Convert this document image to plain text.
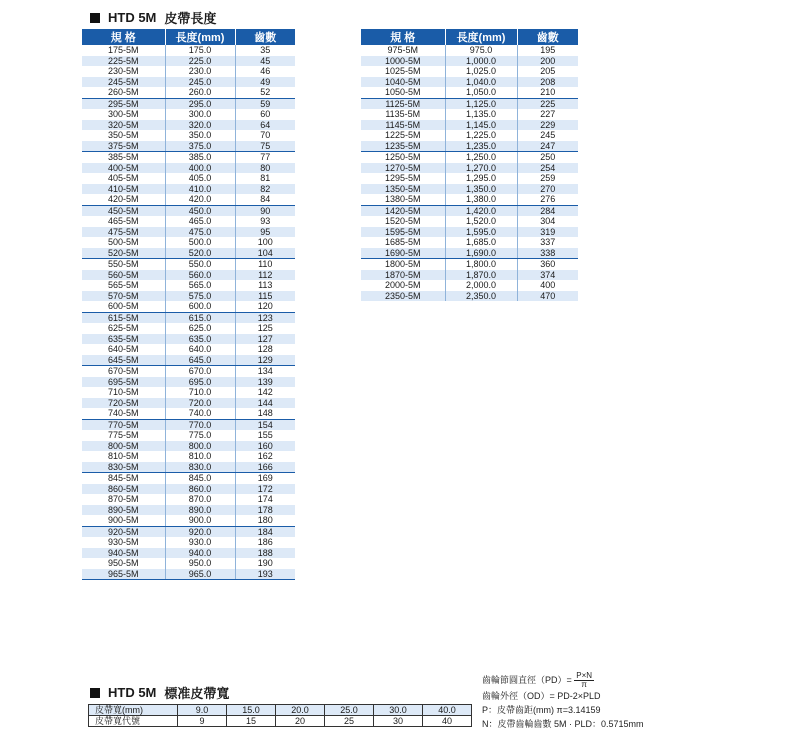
HTD 5M 皮帶長度
規 格	長度(mm)	齒數
175-5M	175.0	35
225-5M	225.0	45
230-5M	230.0	46
245-5M	245.0	49
260-5M	260.0	52
295-5M	295.0	59
300-5M	300.0	60
320-5M	320.0	64
350-5M	350.0	70
375-5M	375.0	75
385-5M	385.0	77
400-5M	400.0	80
405-5M	405.0	81
410-5M	410.0	82
420-5M	420.0	84
450-5M	450.0	90
465-5M	465.0	93
475-5M	475.0	95
500-5M	500.0	100
520-5M	520.0	104
550-5M	550.0	110
560-5M	560.0	112
565-5M	565.0	113
570-5M	575.0	115
600-5M	600.0	120
615-5M	615.0	123
625-5M	625.0	125
635-5M	635.0	127
640-5M	640.0	128
645-5M	645.0	129
670-5M	670.0	134
695-5M	695.0	139
710-5M	710.0	142
720-5M	720.0	144
740-5M	740.0	148
770-5M	770.0	154
775-5M	775.0	155
800-5M	800.0	160
810-5M	810.0	162
830-5M	830.0	166
845-5M	845.0	169
860-5M	860.0	172
870-5M	870.0	174
890-5M	890.0	178
900-5M	900.0	180
920-5M	920.0	184
930-5M	930.0	186
940-5M	940.0	188
950-5M	950.0	190
965-5M	965.0	193
規 格	長度(mm)	齒數
975-5M	975.0	195
1000-5M	1,000.0	200
1025-5M	1,025.0	205
1040-5M	1,040.0	208
1050-5M	1,050.0	210
1125-5M	1,125.0	225
1135-5M	1,135.0	227
1145-5M	1,145.0	229
1225-5M	1,225.0	245
1235-5M	1,235.0	247
1250-5M	1,250.0	250
1270-5M	1,270.0	254
1295-5M	1,295.0	259
1350-5M	1,350.0	270
1380-5M	1,380.0	276
1420-5M	1,420.0	284
1520-5M	1,520.0	304
1595-5M	1,595.0	319
1685-5M	1,685.0	337
1690-5M	1,690.0	338
1800-5M	1,800.0	360
1870-5M	1,870.0	374
2000-5M	2,000.0	400
2350-5M	2,350.0	470
HTD 5M 標准皮帶寬
皮帶寬(mm)	9.0	15.0	20.0	25.0	30.0	40.0
皮帶寬代號	9	15	20	25	30	40
齒輪節圓直徑$(PD)= \frac{P\times N}{\pi}$
齒輪外徑（OD）= PD-2×PLD
P：皮帶齒距(mm) π=3.14159
N：皮帶齒輪齒數 5M · PLD：0.5715mm
